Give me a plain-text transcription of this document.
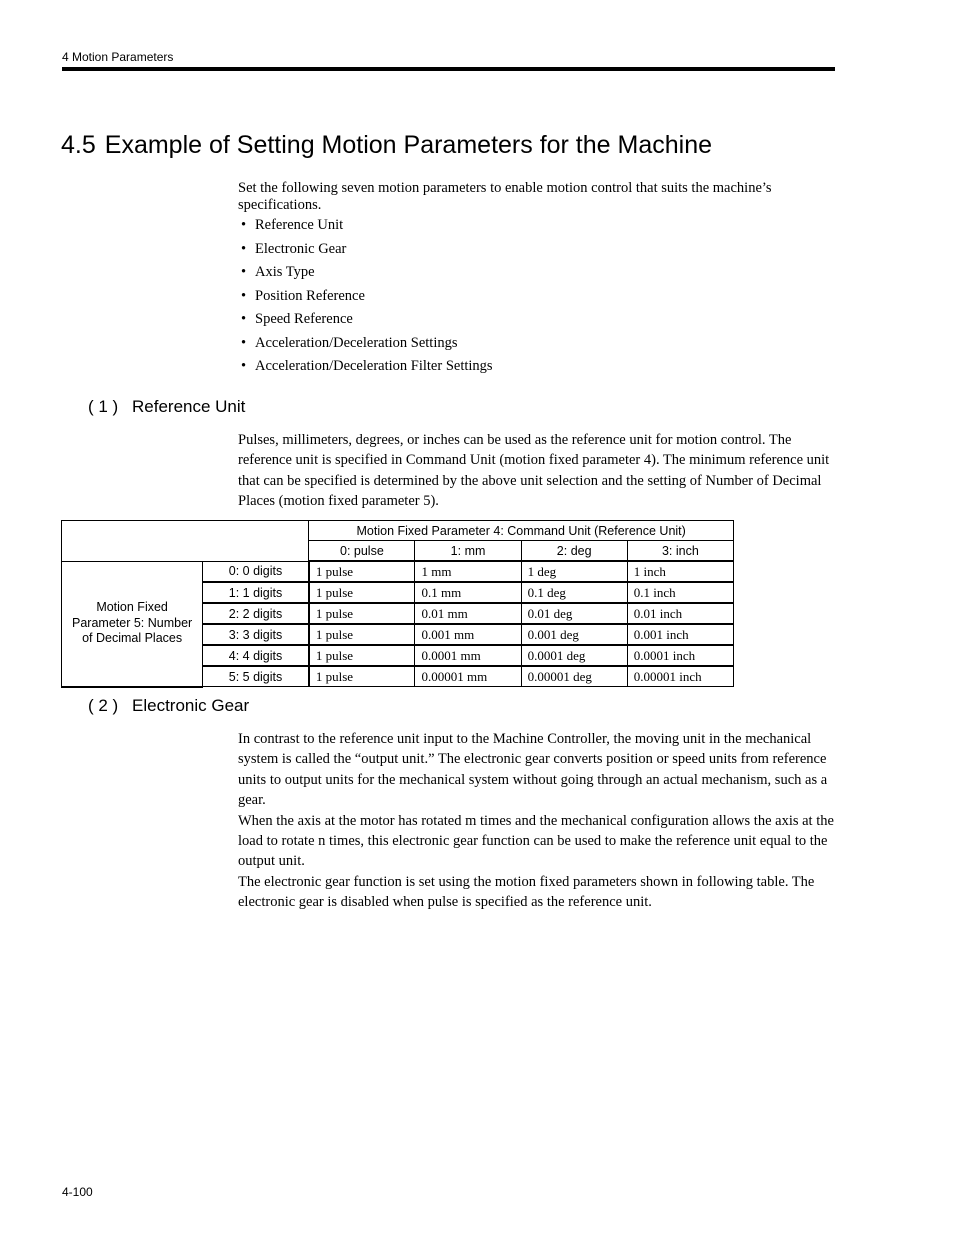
4 Motion Parameters
4.5 Example of Setting Motion Parameters for the Machine
Set the following seven motion parameters to enable motion control that suits the machine’s specifications.
• Reference Unit
• Electronic Gear
• Axis Type
• Position Reference
• Speed Reference
• Acceleration/Deceleration Settings
• Acceleration/Deceleration Filter Settings
( 1 ) Reference Unit
Pulses, millimeters, degrees, or inches can be used as the reference unit for motion control. The reference unit is specified in Command Unit (motion fixed parameter 4). The minimum reference unit that can be specified is determined by the above unit selection and the setting of Number of Decimal Places (motion fixed parameter 5).
		Motion Fixed Parameter 4: Command Unit (Reference Unit)			
		0: pulse	1: mm	2: deg	3: inch
Motion Fixed Parameter 5: Number of Decimal Places	0: 0 digits	1 pulse	1 mm	1 deg	1 inch
	1: 1 digits	1 pulse	0.1 mm	0.1 deg	0.1 inch
	2: 2 digits	1 pulse	0.01 mm	0.01 deg	0.01 inch
	3: 3 digits	1 pulse	0.001 mm	0.001 deg	0.001 inch
	4: 4 digits	1 pulse	0.0001 mm	0.0001 deg	0.0001 inch
	5: 5 digits	1 pulse	0.00001 mm	0.00001 deg	0.00001 inch
( 2 ) Electronic Gear

In contrast to the reference unit input to the Machine Controller, the moving unit in the mechanical system is called the “output unit.” The electronic gear converts position or speed units from reference units to output units for the mechanical system without going through an actual mechanism, such as a gear.

When the axis at the motor has rotated m times and the mechanical configuration allows the axis at the load to rotate n times, this electronic gear function can be used to make the reference unit equal to the output unit.

The electronic gear function is set using the motion fixed parameters shown in following table. The electronic gear is disabled when pulse is specified as the reference unit.

4-100
